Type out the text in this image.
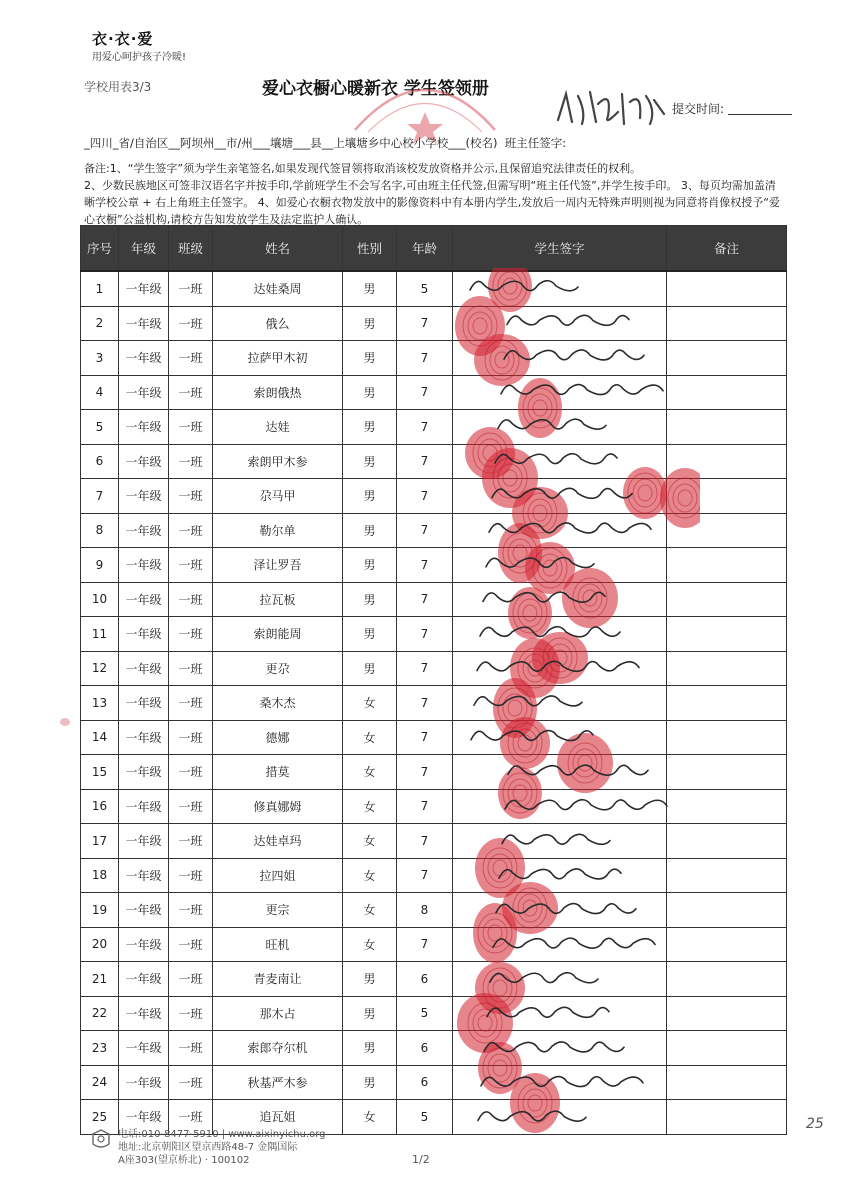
衣·衣·爱
用爱心呵护孩子冷暖!
学校用表3/3	爱心衣橱心暖新衣 学生签领册
提交时间:
_四川_省/自治区__阿坝州__市/州___壤塘___县__上壤塘乡中心校小学校___(校名) 班主任签字:

备注:1、“学生签字”须为学生亲笔签名,如果发现代签冒领将取消该校发放资格并公示,且保留追究法律责任的权利。

2、少数民族地区可签非汉语名字并按手印,学前班学生不会写名字,可由班主任代签,但需写明“班主任代签”,并学生按手印。 3、每页均需加盖清晰学校公章 + 右上角班主任签字。 4、如爱心衣橱衣物发放中的影像资料中有本册内学生,发放后一周内无特殊声明则视为同意将肖像权授予“爱心衣橱”公益机构,请校方告知发放学生及法定监护人确认。

序号	年级	班级	姓名	性别	年龄	学生签字	备注
1	一年级	一班	达娃桑周	男	5		
2	一年级	一班	俄么	男	7		
3	一年级	一班	拉萨甲木初	男	7		
4	一年级	一班	索朗俄热	男	7		
5	一年级	一班	达娃	男	7		
6	一年级	一班	索朗甲木参	男	7		
7	一年级	一班	尕马甲	男	7		
8	一年级	一班	勒尔单	男	7		
9	一年级	一班	泽让罗吾	男	7		
10	一年级	一班	拉瓦板	男	7		
11	一年级	一班	索朗能周	男	7		
12	一年级	一班	更尕	男	7		
13	一年级	一班	桑木杰	女	7		
14	一年级	一班	德娜	女	7		
15	一年级	一班	措莫	女	7		
16	一年级	一班	修真娜姆	女	7		
17	一年级	一班	达娃卓玛	女	7		
18	一年级	一班	拉四姐	女	7		
19	一年级	一班	更宗	女	8		
20	一年级	一班	旺机	女	7		
21	一年级	一班	青麦南让	男	6		
22	一年级	一班	那木占	男	5		
23	一年级	一班	索郎夺尔机	男	6		
24	一年级	一班	秋基严木参	男	6		
25	一年级	一班	追瓦姐	女	5		
电话:010-8477-5910 | www.aixinyichu.org
地址:北京朝阳区望京西路48-7 金隅国际
A座303(望京桥北) · 100102	1/2
25
